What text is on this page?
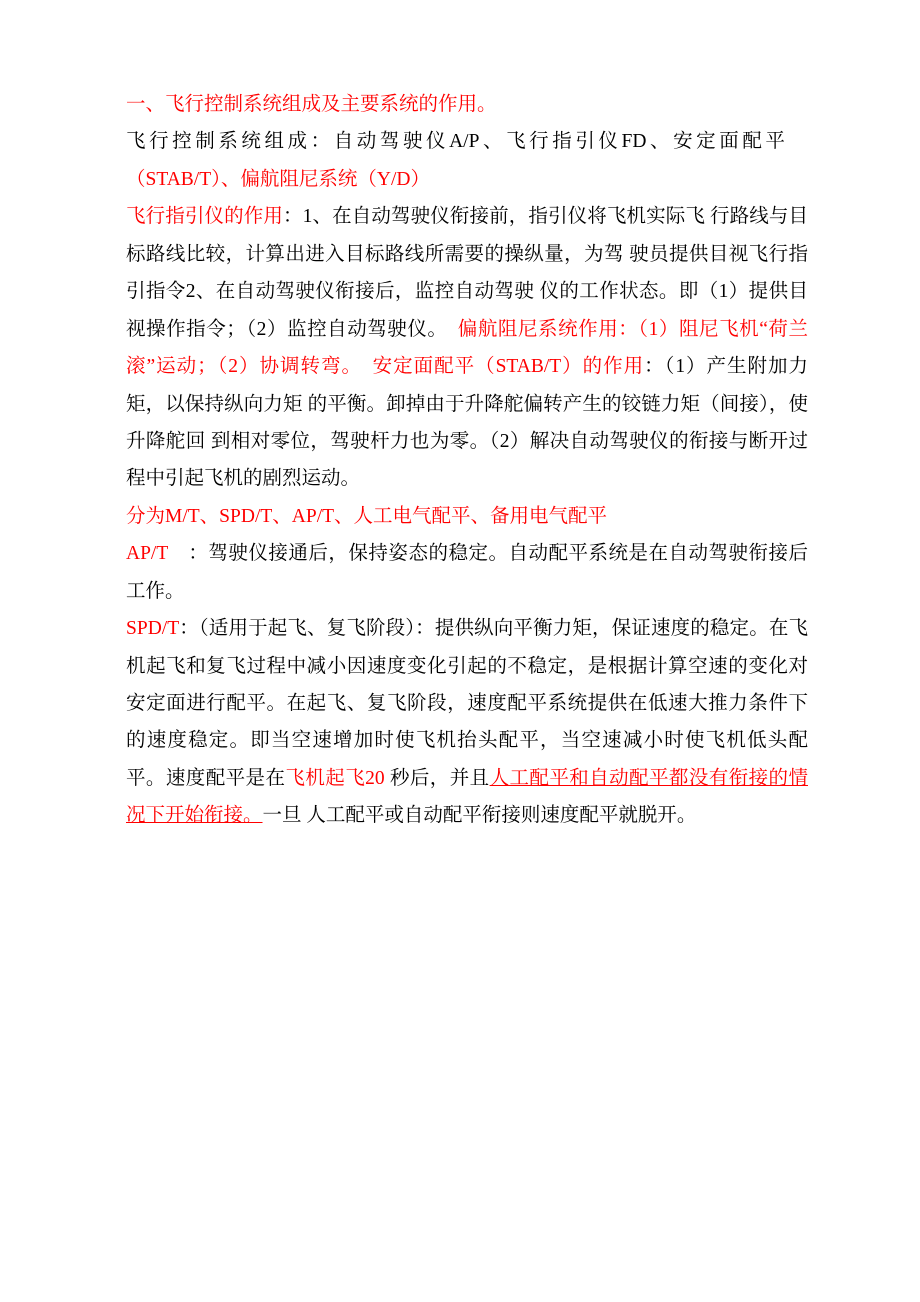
一、飞行控制系统组成及主要系统的作用。

飞行控制系统组成：自动驾驶仪A/P、飞行指引仪FD、安定面配平　（STAB/T）、偏航阻尼系统（Y/D）

飞行指引仪的作用：1、在自动驾驶仪衔接前，指引仪将飞机实际飞 行路线与目标路线比较，计算出进入目标路线所需要的操纵量，为驾 驶员提供目视飞行指引指令2、在自动驾驶仪衔接后，监控自动驾驶 仪的工作状态。即（1）提供目视操作指令；（2）监控自动驾驶仪。　偏航阻尼系统作用：（1）阻尼飞机“荷兰滚”运动；（2）协调转弯。　安定面配平（STAB/T）的作用：（1）产生附加力矩，以保持纵向力矩 的平衡。卸掉由于升降舵偏转产生的铰链力矩（间接），使升降舵回 到相对零位，驾驶杆力也为零。（2）解决自动驾驶仪的衔接与断开过 程中引起飞机的剧烈运动。

分为M/T、SPD/T、AP/T、人工电气配平、备用电气配平

AP/T　：驾驶仪接通后，保持姿态的稳定。自动配平系统是在自动驾驶衔接后工作。

SPD/T：（适用于起飞、复飞阶段）：提供纵向平衡力矩，保证速度的稳定。在飞机起飞和复飞过程中减小因速度变化引起的不稳定，是根据计算空速的变化对安定面进行配平。在起飞、复飞阶段，速度配平系统提供在低速大推力条件下的速度稳定。即当空速增加时使飞机抬头配平，当空速减小时使飞机低头配平。速度配平是在飞机起飞20 秒后，并且人工配平和自动配平都没有衔接的情况下开始衔接。一旦 人工配平或自动配平衔接则速度配平就脱开。
